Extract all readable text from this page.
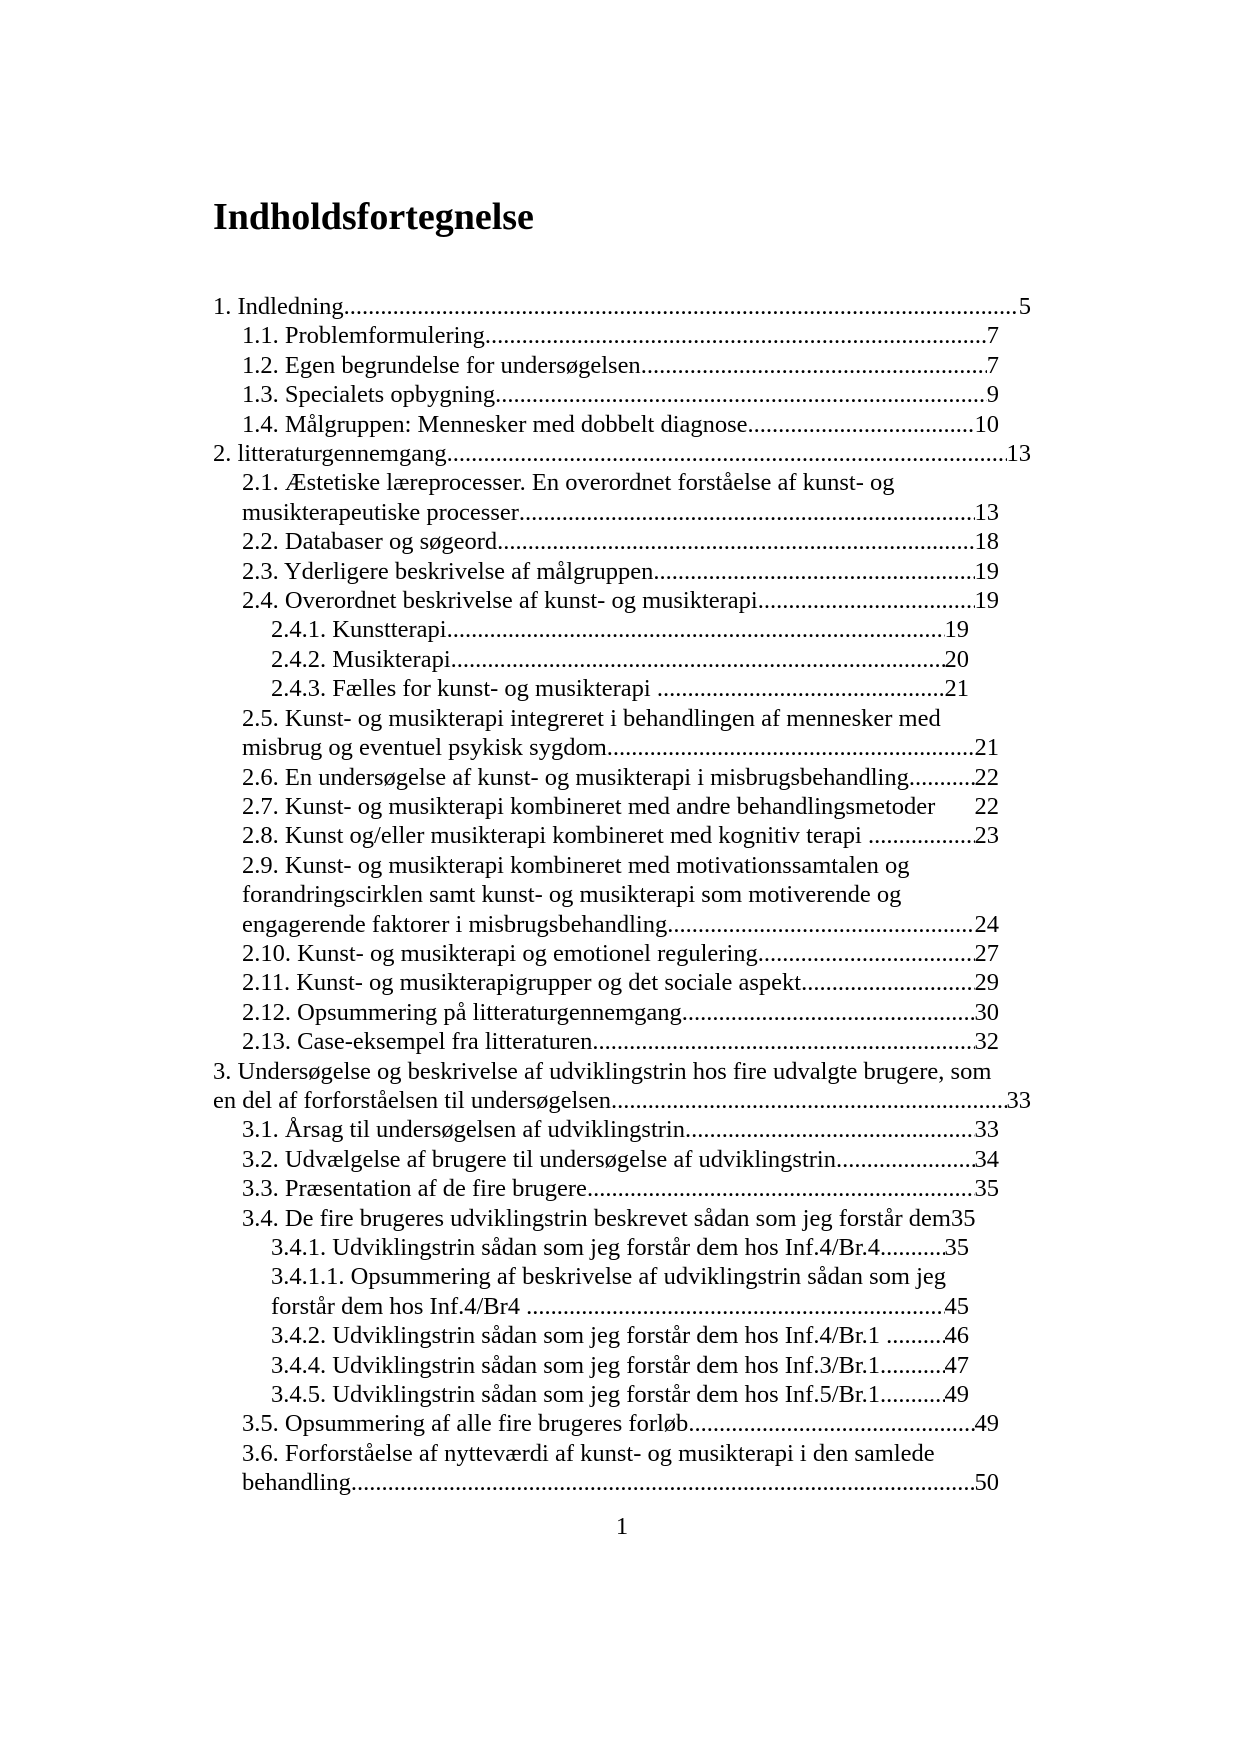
Indholdsfortegnelse
1. Indledning .....	5
1.1. Problemformulering .....	7
1.2. Egen begrundelse for undersøgelsen .....	7
1.3. Specialets opbygning .....	9
1.4. Målgruppen: Mennesker med dobbelt diagnose .....	10
2. litteraturgennemgang .....	13
2.1. Æstetiske læreprocesser. En overordnet forståelse af kunst- og
musikterapeutiske processer .....	13
2.2. Databaser og søgeord .....	18
2.3. Yderligere beskrivelse af målgruppen .....	19
2.4. Overordnet beskrivelse af kunst- og musikterapi .....	19
2.4.1. Kunstterapi .....	19
2.4.2. Musikterapi .....	20
2.4.3. Fælles for kunst- og musikterapi .....	21
2.5. Kunst- og musikterapi integreret i behandlingen af mennesker med
misbrug og eventuel psykisk sygdom .....	21
2.6. En undersøgelse af kunst- og musikterapi i misbrugsbehandling .....	22
2.7. Kunst- og musikterapi kombineret med andre behandlingsmetoder 22
2.8. Kunst og/eller musikterapi kombineret med kognitiv terapi .....	23
2.9. Kunst- og musikterapi kombineret med motivationssamtalen og
forandringscirklen samt kunst- og musikterapi som motiverende og
engagerende faktorer i misbrugsbehandling .....	24
2.10. Kunst- og musikterapi og emotionel regulering .....	27
2.11. Kunst- og musikterapigrupper og det sociale aspekt .....	29
2.12. Opsummering på litteraturgennemgang .....	30
2.13. Case-eksempel fra litteraturen .....	32
3. Undersøgelse og beskrivelse af udviklingstrin hos fire udvalgte brugere, som
en del af forforståelsen til undersøgelsen .....	33
3.1. Årsag til undersøgelsen af udviklingstrin .....	33
3.2. Udvælgelse af brugere til undersøgelse af udviklingstrin .....	34
3.3. Præsentation af de fire brugere .....	35
3.4. De fire brugeres udviklingstrin beskrevet sådan som jeg forstår dem 35
3.4.1. Udviklingstrin sådan som jeg forstår dem hos Inf.4/Br.4 .....	35
3.4.1.1. Opsummering af beskrivelse af udviklingstrin sådan som jeg
forstår dem hos Inf.4/Br4 .....	45
3.4.2. Udviklingstrin sådan som jeg forstår dem hos Inf.4/Br.1 ..... 46
3.4.4. Udviklingstrin sådan som jeg forstår dem hos Inf.3/Br.1 .....	47
3.4.5. Udviklingstrin sådan som jeg forstår dem hos Inf.5/Br.1 .....	49
3.5. Opsummering af alle fire brugeres forløb .....	49
3.6. Forforståelse af nytteværdi af kunst- og musikterapi i den samlede
behandling .....	50
1
